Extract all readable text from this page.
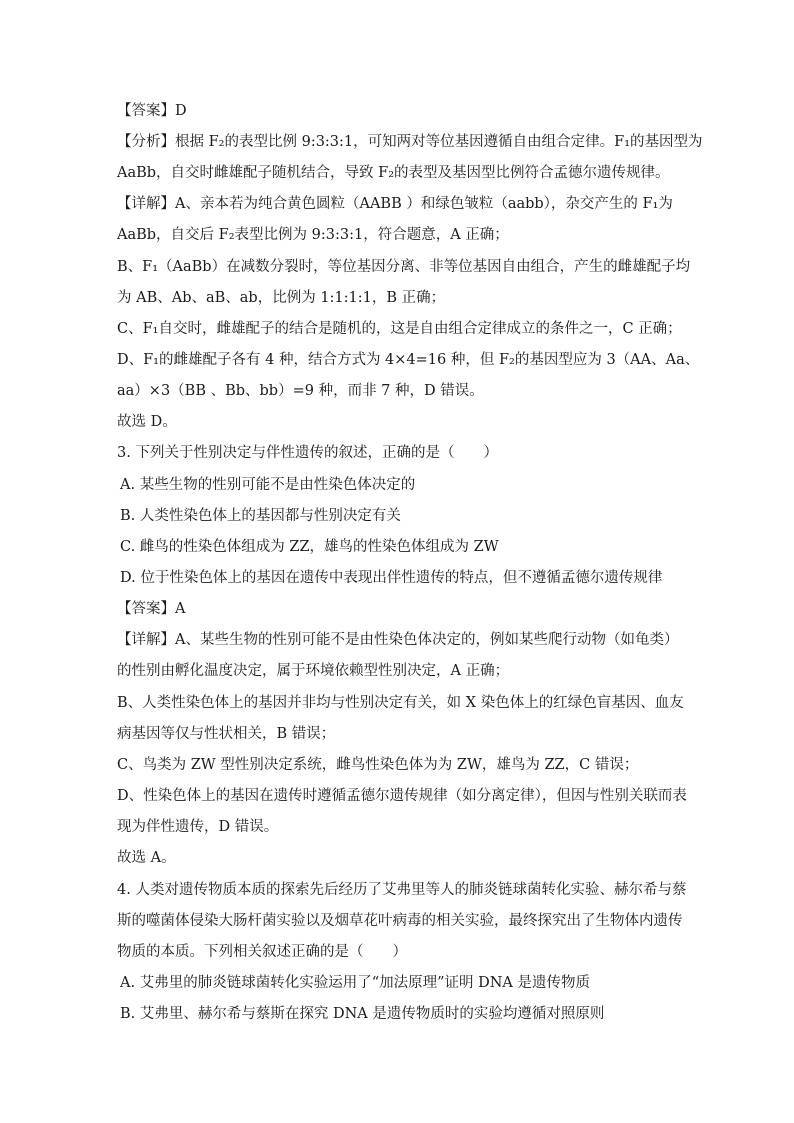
【答案】D
【分析】根据 F₂的表型比例 9:3:3:1，可知两对等位基因遵循自由组合定律。F₁的基因型为
AaBb，自交时雌雄配子随机结合，导致 F₂的表型及基因型比例符合孟德尔遗传规律。
【详解】A、亲本若为纯合黄色圆粒（AABB ）和绿色皱粒（aabb），杂交产生的 F₁为
AaBb，自交后 F₂表型比例为 9:3:3:1，符合题意，A 正确；
B、F₁（AaBb）在减数分裂时，等位基因分离、非等位基因自由组合，产生的雌雄配子均
为 AB、Ab、aB、ab，比例为 1:1:1:1，B 正确；
C、F₁自交时，雌雄配子的结合是随机的，这是自由组合定律成立的条件之一，C 正确；
D、F₁的雌雄配子各有 4 种，结合方式为 4×4=16 种，但 F₂的基因型应为 3（AA、Aa、
aa）×3（BB 、Bb、bb）=9 种，而非 7 种，D 错误。
故选 D。
3. 下列关于性别决定与伴性遗传的叙述，正确的是（　　）
A. 某些生物的性别可能不是由性染色体决定的
B. 人类性染色体上的基因都与性别决定有关
C. 雌鸟的性染色体组成为 ZZ，雄鸟的性染色体组成为 ZW
D. 位于性染色体上的基因在遗传中表现出伴性遗传的特点，但不遵循孟德尔遗传规律
【答案】A
【详解】A、某些生物的性别可能不是由性染色体决定的，例如某些爬行动物（如龟类）
的性别由孵化温度决定，属于环境依赖型性别决定，A 正确；
B、人类性染色体上的基因并非均与性别决定有关，如 X 染色体上的红绿色盲基因、血友
病基因等仅与性状相关，B 错误；
C、鸟类为 ZW 型性别决定系统，雌鸟性染色体为为 ZW，雄鸟为 ZZ，C 错误；
D、性染色体上的基因在遗传时遵循孟德尔遗传规律（如分离定律），但因与性别关联而表
现为伴性遗传，D 错误。
故选 A。
4. 人类对遗传物质本质的探索先后经历了艾弗里等人的肺炎链球菌转化实验、赫尔希与蔡
斯的噬菌体侵染大肠杆菌实验以及烟草花叶病毒的相关实验，最终探究出了生物体内遗传
物质的本质。下列相关叙述正确的是（　　）
A. 艾弗里的肺炎链球菌转化实验运用了“加法原理”证明 DNA 是遗传物质
B. 艾弗里、赫尔希与蔡斯在探究 DNA 是遗传物质时的实验均遵循对照原则
